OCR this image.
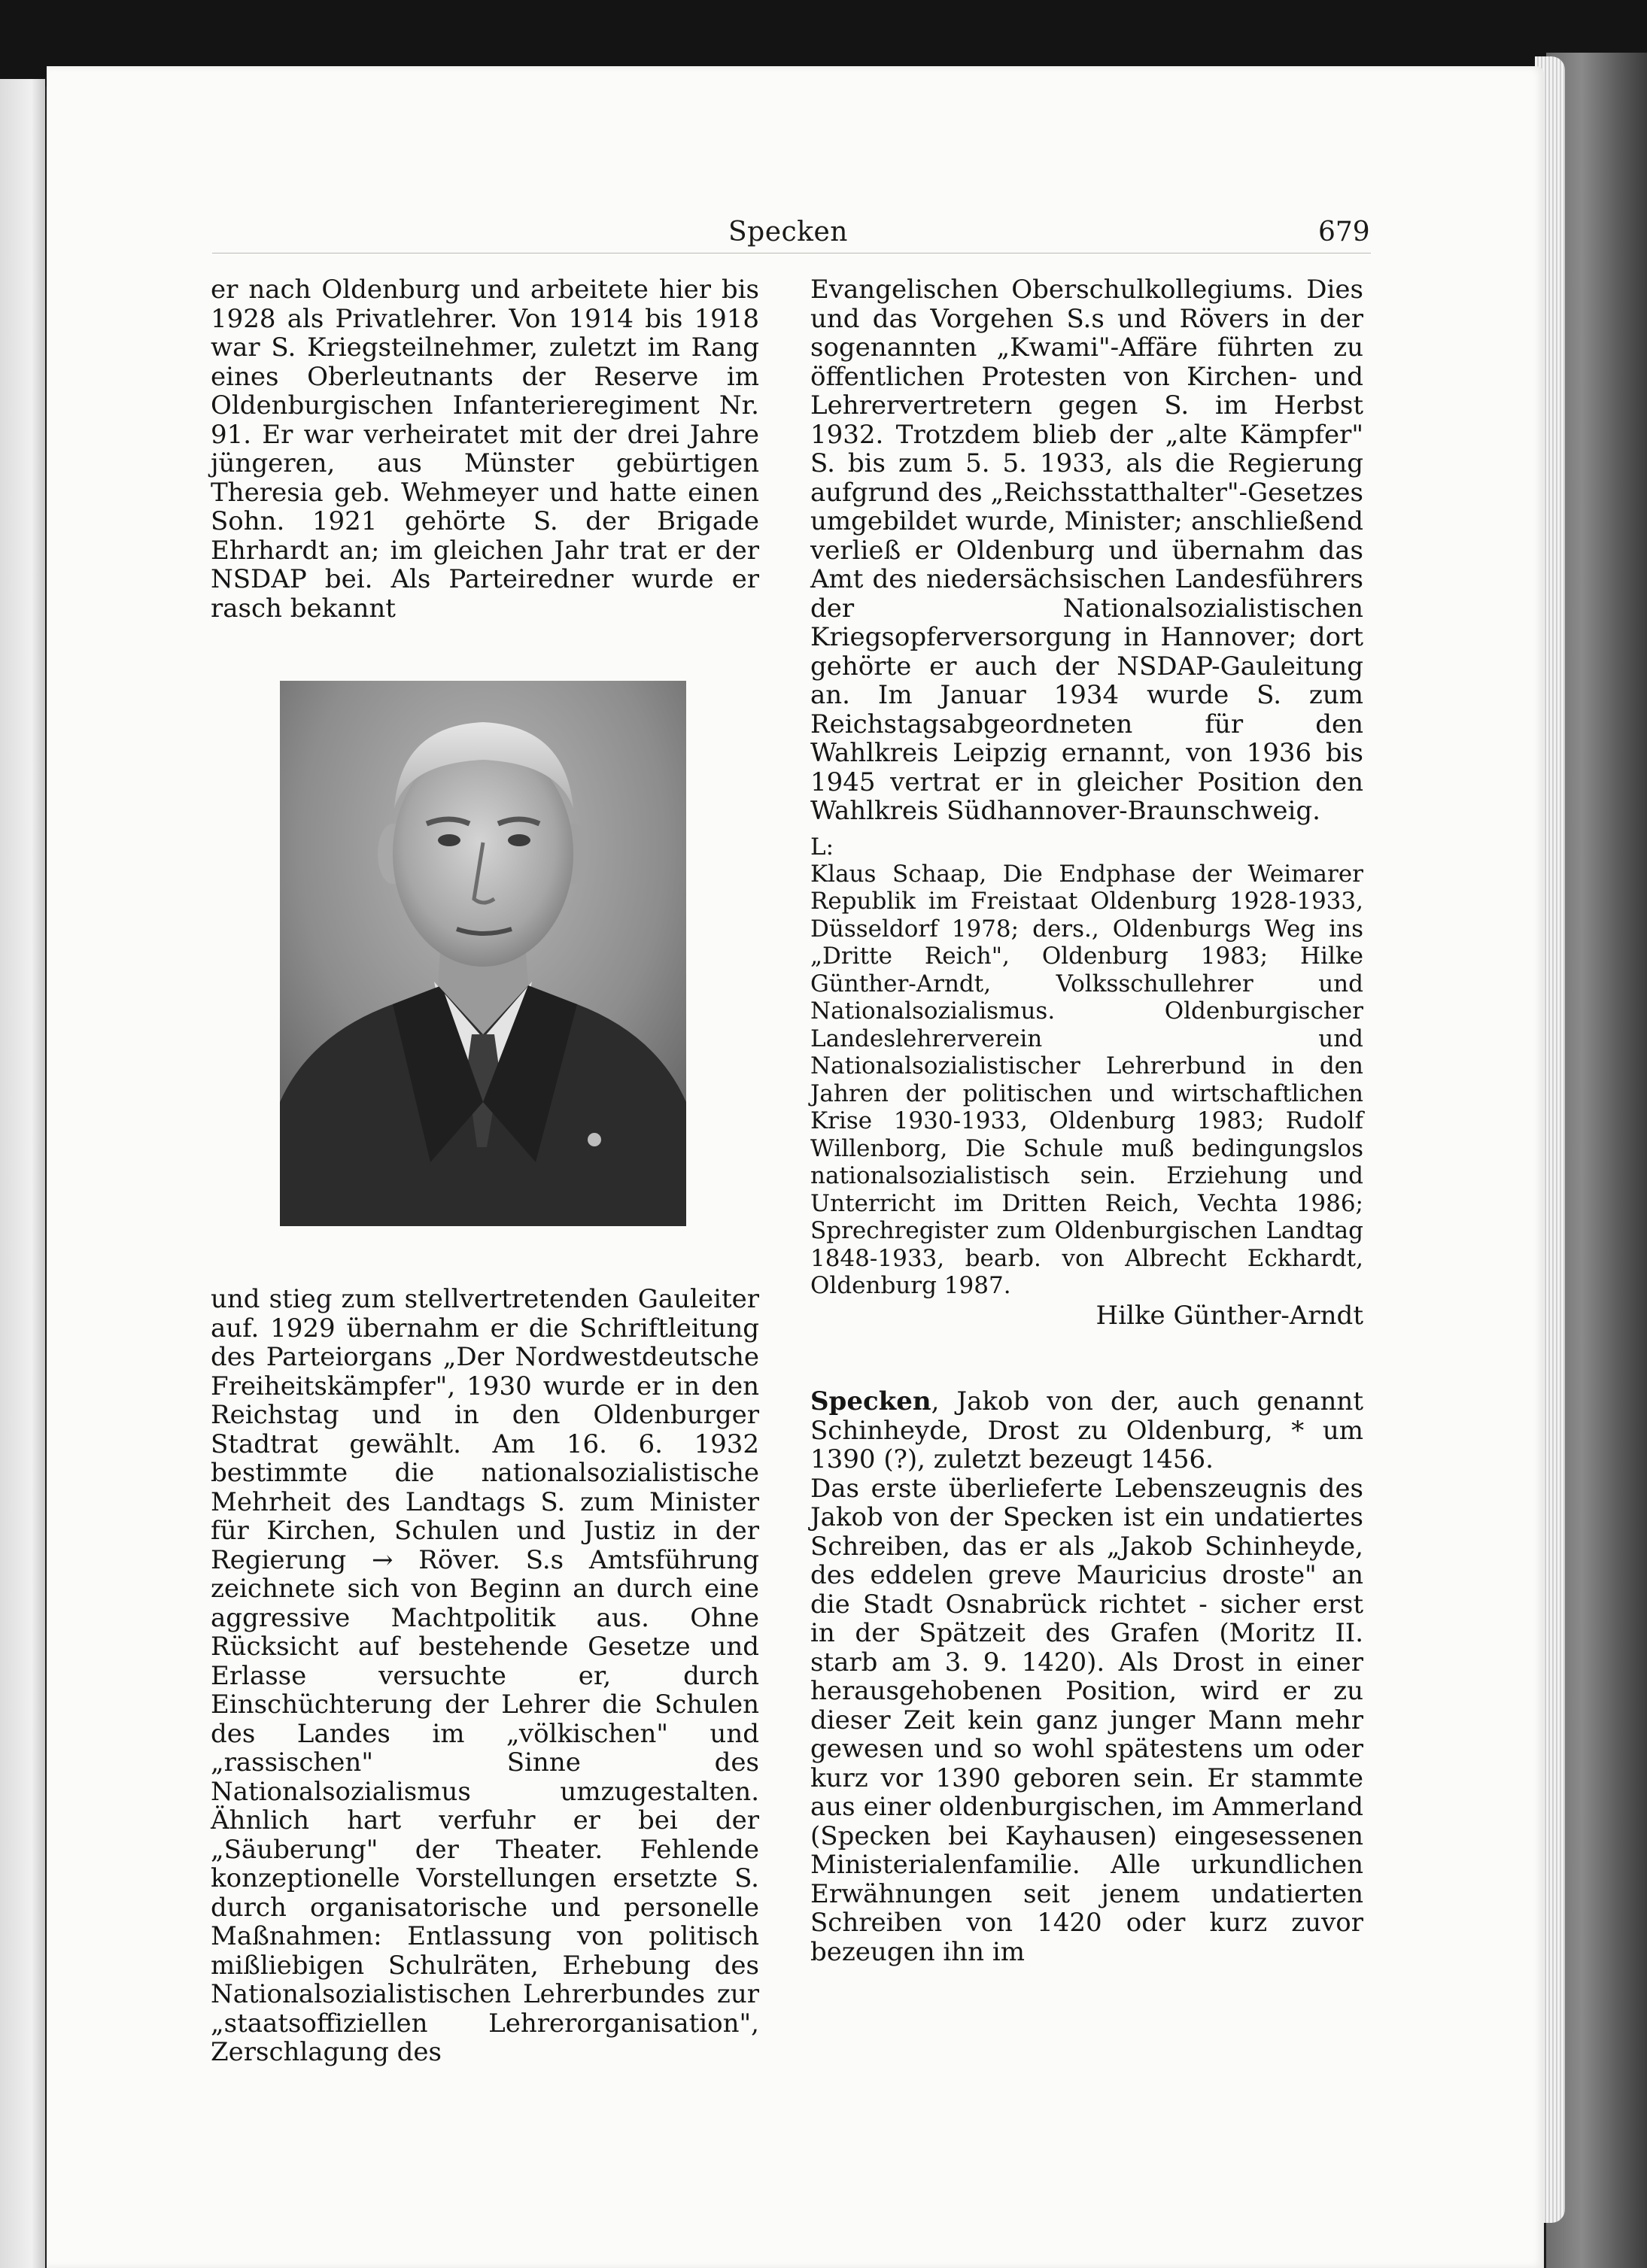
Specken	679

er nach Oldenburg und arbeitete hier bis 1928 als Privatlehrer. Von 1914 bis 1918 war S. Kriegsteilnehmer, zuletzt im Rang eines Oberleutnants der Reserve im Oldenburgischen Infanterieregiment Nr. 91. Er war verheiratet mit der drei Jahre jüngeren, aus Münster gebürtigen Theresia geb. Wehmeyer und hatte einen Sohn. 1921 gehörte S. der Brigade Ehrhardt an; im gleichen Jahr trat er der NSDAP bei. Als Parteiredner wurde er rasch bekannt

und stieg zum stellvertretenden Gauleiter auf. 1929 übernahm er die Schriftleitung des Parteiorgans „Der Nordwestdeutsche Freiheitskämpfer", 1930 wurde er in den Reichstag und in den Oldenburger Stadtrat gewählt. Am 16. 6. 1932 bestimmte die nationalsozialistische Mehrheit des Landtags S. zum Minister für Kirchen, Schulen und Justiz in der Regierung → Röver. S.s Amtsführung zeichnete sich von Beginn an durch eine aggressive Machtpolitik aus. Ohne Rücksicht auf bestehende Gesetze und Erlasse versuchte er, durch Einschüchterung der Lehrer die Schulen des Landes im „völkischen" und „rassischen" Sinne des Nationalsozialismus umzugestalten. Ähnlich hart verfuhr er bei der „Säuberung" der Theater. Fehlende konzeptionelle Vorstellungen ersetzte S. durch organisatorische und personelle Maßnahmen: Entlassung von politisch mißliebigen Schulräten, Erhebung des Nationalsozialistischen Lehrerbundes zur „staatsoffiziellen Lehrerorganisation", Zerschlagung des

Evangelischen Oberschulkollegiums. Dies und das Vorgehen S.s und Rövers in der sogenannten „Kwami"-Affäre führten zu öffentlichen Protesten von Kirchen- und Lehrervertretern gegen S. im Herbst 1932. Trotzdem blieb der „alte Kämpfer" S. bis zum 5. 5. 1933, als die Regierung aufgrund des „Reichsstatthalter"-Gesetzes umgebildet wurde, Minister; anschließend verließ er Oldenburg und übernahm das Amt des niedersächsischen Landesführers der Nationalsozialistischen Kriegsopferversorgung in Hannover; dort gehörte er auch der NSDAP-Gauleitung an. Im Januar 1934 wurde S. zum Reichstagsabgeordneten für den Wahlkreis Leipzig ernannt, von 1936 bis 1945 vertrat er in gleicher Position den Wahlkreis Südhannover-Braunschweig.

L:

Klaus Schaap, Die Endphase der Weimarer Republik im Freistaat Oldenburg 1928-1933, Düsseldorf 1978; ders., Oldenburgs Weg ins „Dritte Reich", Oldenburg 1983; Hilke Günther-Arndt, Volksschullehrer und Nationalsozialismus. Oldenburgischer Landeslehrerverein und Nationalsozialistischer Lehrerbund in den Jahren der politischen und wirtschaftlichen Krise 1930-1933, Oldenburg 1983; Rudolf Willenborg, Die Schule muß bedingungslos nationalsozialistisch sein. Erziehung und Unterricht im Dritten Reich, Vechta 1986; Sprechregister zum Oldenburgischen Landtag 1848-1933, bearb. von Albrecht Eckhardt, Oldenburg 1987.

Hilke Günther-Arndt

Specken, Jakob von der, auch genannt Schinheyde, Drost zu Oldenburg, * um 1390 (?), zuletzt bezeugt 1456.

Das erste überlieferte Lebenszeugnis des Jakob von der Specken ist ein undatiertes Schreiben, das er als „Jakob Schinheyde, des eddelen greve Mauricius droste" an die Stadt Osnabrück richtet - sicher erst in der Spätzeit des Grafen (Moritz II. starb am 3. 9. 1420). Als Drost in einer herausgehobenen Position, wird er zu dieser Zeit kein ganz junger Mann mehr gewesen und so wohl spätestens um oder kurz vor 1390 geboren sein. Er stammte aus einer oldenburgischen, im Ammerland (Specken bei Kayhausen) eingesessenen Ministerialenfamilie. Alle urkundlichen Erwähnungen seit jenem undatierten Schreiben von 1420 oder kurz zuvor bezeugen ihn im
